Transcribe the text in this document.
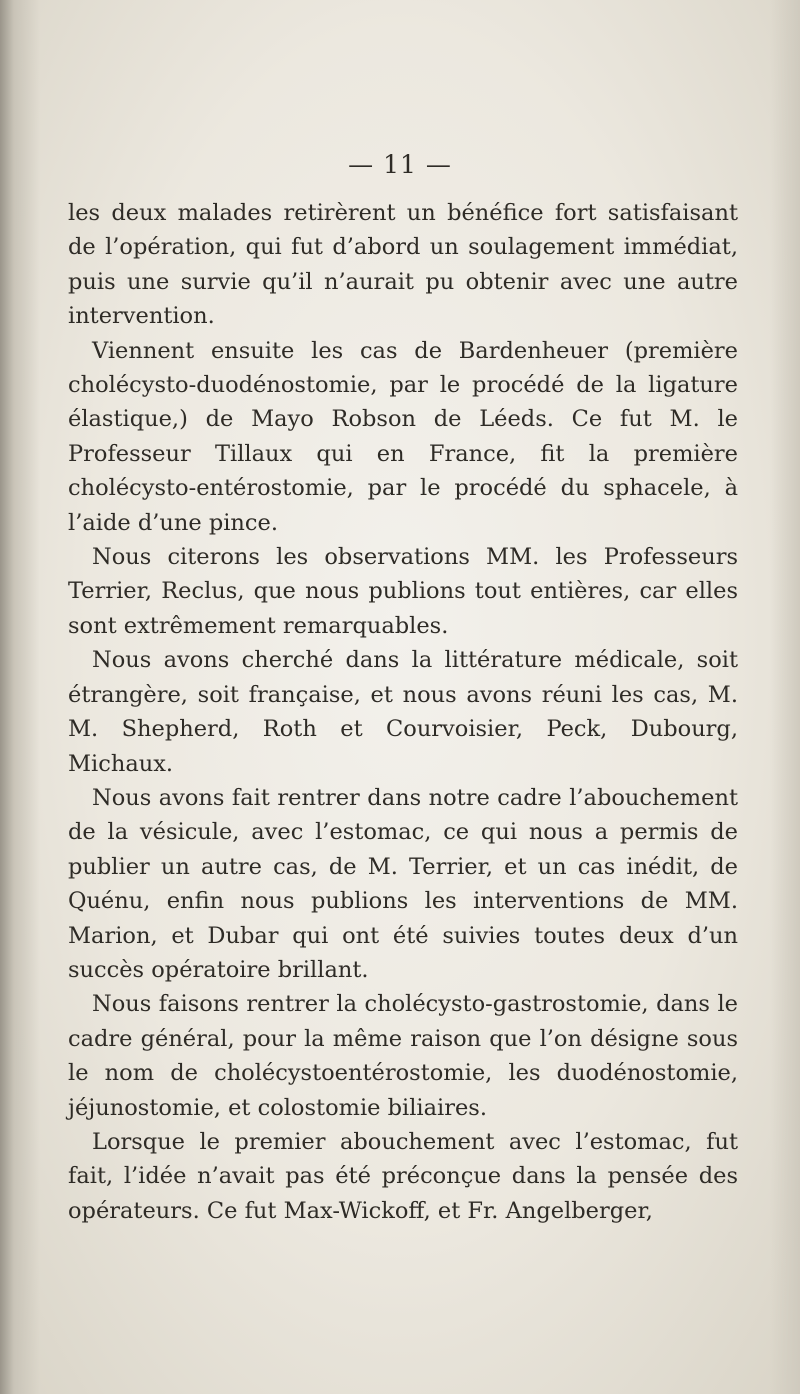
— 11 —

les deux malades retirèrent un bénéfice fort satisfaisant de l’opération, qui fut d’abord un soulagement immédiat, puis une survie qu’il n’aurait pu obtenir avec une autre intervention.

Viennent ensuite les cas de Bardenheuer (première cholécysto-duodénostomie, par le procédé de la ligature élastique,) de Mayo Robson de Léeds. Ce fut M. le Professeur Tillaux qui en France, fit la première cholécysto-entérostomie, par le procédé du sphacele, à l’aide d’une pince.

Nous citerons les observations MM. les Professeurs Terrier, Reclus, que nous publions tout entières, car elles sont extrêmement remarquables.

Nous avons cherché dans la littérature médicale, soit étrangère, soit française, et nous avons réuni les cas, M. M. Shepherd, Roth et Courvoisier, Peck, Dubourg, Michaux.

Nous avons fait rentrer dans notre cadre l’abouchement de la vésicule, avec l’estomac, ce qui nous a permis de publier un autre cas, de M. Terrier, et un cas inédit, de Quénu, enfin nous publions les interventions de MM. Marion, et Dubar qui ont été suivies toutes deux d’un succès opératoire brillant.

Nous faisons rentrer la cholécysto-gastrostomie, dans le cadre général, pour la même raison que l’on désigne sous le nom de cholécystoentérostomie, les duodénostomie, jéjunostomie, et colostomie biliaires.

Lorsque le premier abouchement avec l’estomac, fut fait, l’idée n’avait pas été préconçue dans la pensée des opérateurs. Ce fut Max-Wickoff, et Fr. Angelberger,
